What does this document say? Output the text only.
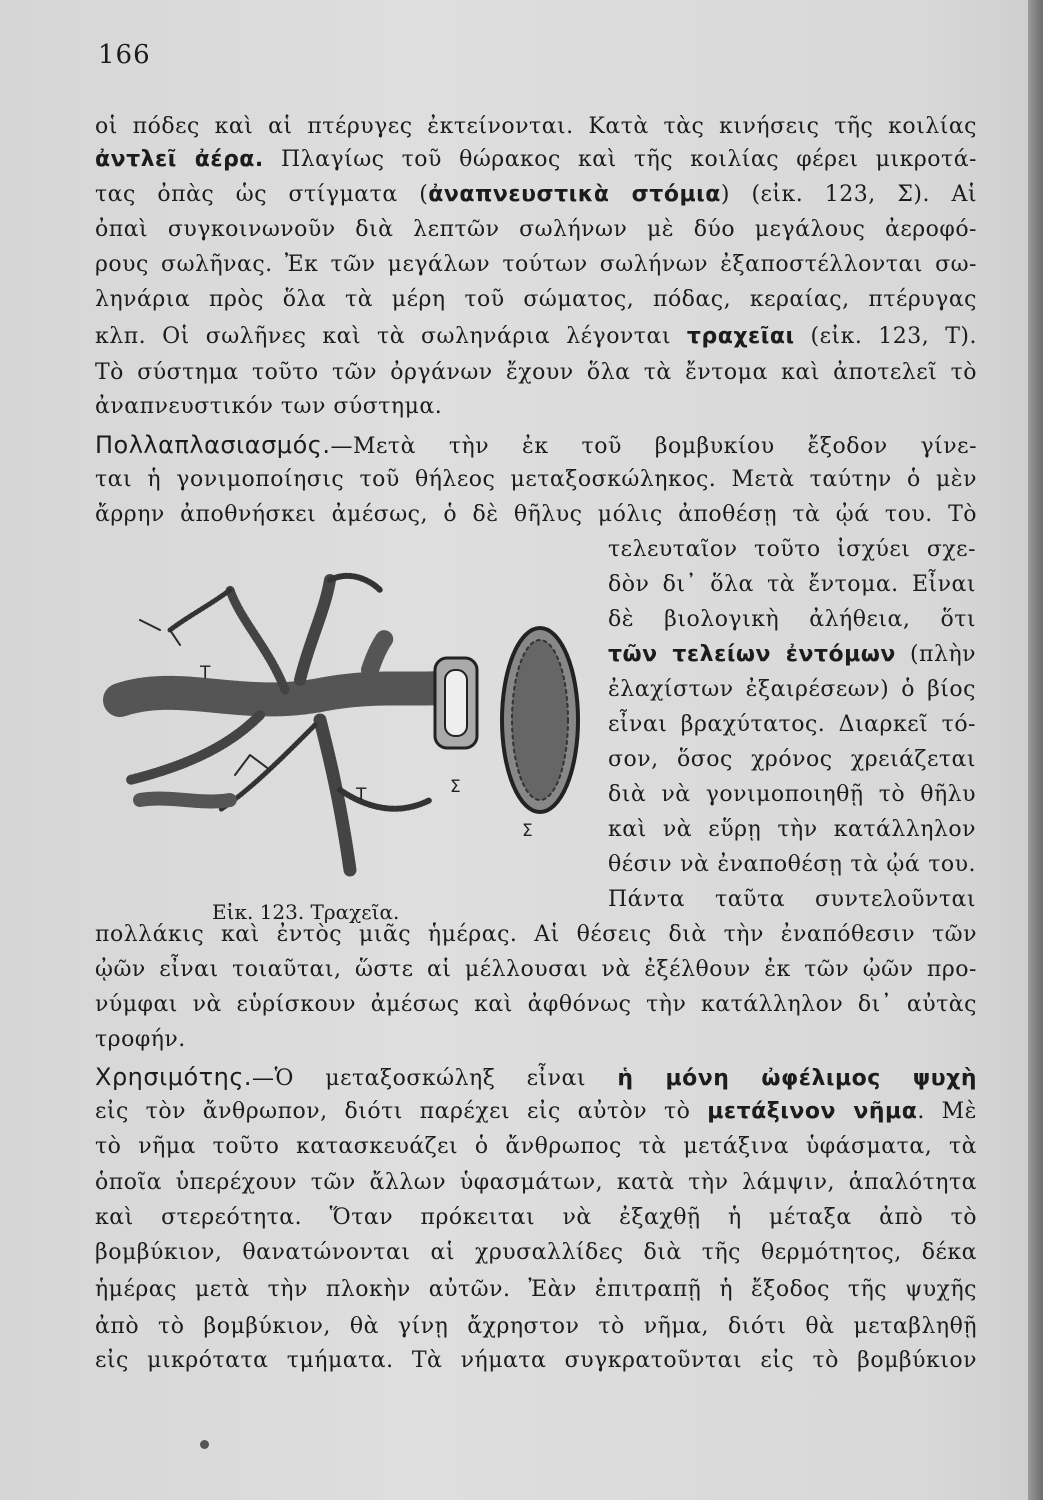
166
οἱ πόδες καὶ αἱ πτέρυγες ἐκτείνονται. Κατὰ τὰς κινήσεις τῆς κοιλίας
ἀντλεῖ ἀέρα. Πλαγίως τοῦ θώρακος καὶ τῆς κοιλίας φέρει μικροτά-
τας ὀπὰς ὡς στίγματα (ἀναπνευστικὰ στόμια) (εἰκ. 123, Σ). Αἱ
ὀπαὶ συγκοινωνοῦν διὰ λεπτῶν σωλήνων μὲ δύο μεγάλους ἀεροφό-
ρους σωλῆνας. Ἐκ τῶν μεγάλων τούτων σωλήνων ἐξαποστέλλονται σω-
ληνάρια πρὸς ὅλα τὰ μέρη τοῦ σώματος, πόδας, κεραίας, πτέρυγας
κλπ. Οἱ σωλῆνες καὶ τὰ σωληνάρια λέγονται τραχεῖαι (εἰκ. 123, Τ).
Τὸ σύστημα τοῦτο τῶν ὀργάνων ἔχουν ὅλα τὰ ἔντομα καὶ ἀποτελεῖ τὸ
ἀναπνευστικόν των σύστημα.
Πολλαπλασιασμός.—Μετὰ τὴν ἐκ τοῦ βομβυκίου ἔξοδον γίνε-
ται ἡ γονιμοποίησις τοῦ θήλεος μεταξοσκώληκος. Μετὰ ταύτην ὁ μὲν
ἄρρην ἀποθνήσκει ἀμέσως, ὁ δὲ θῆλυς μόλις ἀποθέσῃ τὰ ᾠά του. Τὸ
τελευταῖον τοῦτο ἰσχύει σχε-
δὸν δι᾽ ὅλα τὰ ἔντομα. Εἶναι
δὲ βιολογικὴ ἀλήθεια, ὅτι
τῶν τελείων ἐντόμων (πλὴν
ἐλαχίστων ἐξαιρέσεων) ὁ βίος
εἶναι βραχύτατος. Διαρκεῖ τό-
σον, ὅσος χρόνος χρειάζεται
διὰ νὰ γονιμοποιηθῇ τὸ θῆλυ
καὶ νὰ εὕρῃ τὴν κατάλληλον
θέσιν νὰ ἐναποθέσῃ τὰ ᾠά του.
Πάντα ταῦτα συντελοῦνται
πολλάκις καὶ ἐντὸς μιᾶς ἡμέρας. Αἱ θέσεις διὰ τὴν ἐναπόθεσιν τῶν
ᾠῶν εἶναι τοιαῦται, ὥστε αἱ μέλλουσαι νὰ ἐξέλθουν ἐκ τῶν ᾠῶν προ-
νύμφαι νὰ εὑρίσκουν ἀμέσως καὶ ἀφθόνως τὴν κατάλληλον δι᾽ αὐτὰς
τροφήν.
Χρησιμότης.—Ὁ μεταξοσκώληξ εἶναι ἡ μόνη ὠφέλιμος ψυχὴ
εἰς τὸν ἄνθρωπον, διότι παρέχει εἰς αὐτὸν τὸ μετάξινον νῆμα. Μὲ
τὸ νῆμα τοῦτο κατασκευάζει ὁ ἄνθρωπος τὰ μετάξινα ὑφάσματα, τὰ
ὁποῖα ὑπερέχουν τῶν ἄλλων ὑφασμάτων, κατὰ τὴν λάμψιν, ἁπαλότητα
καὶ στερεότητα. Ὅταν πρόκειται νὰ ἐξαχθῇ ἡ μέταξα ἀπὸ τὸ
βομβύκιον, θανατώνονται αἱ χρυσαλλίδες διὰ τῆς θερμότητος, δέκα
ἡμέρας μετὰ τὴν πλοκὴν αὐτῶν. Ἐὰν ἐπιτραπῇ ἡ ἔξοδος τῆς ψυχῆς
ἀπὸ τὸ βομβύκιον, θὰ γίνῃ ἄχρηστον τὸ νῆμα, διότι θὰ μεταβληθῇ
εἰς μικρότατα τμήματα. Τὰ νήματα συγκρατοῦνται εἰς τὸ βομβύκιον
Τ
Τ	Σ
Σ
Εἰκ. 123. Τραχεῖα.
